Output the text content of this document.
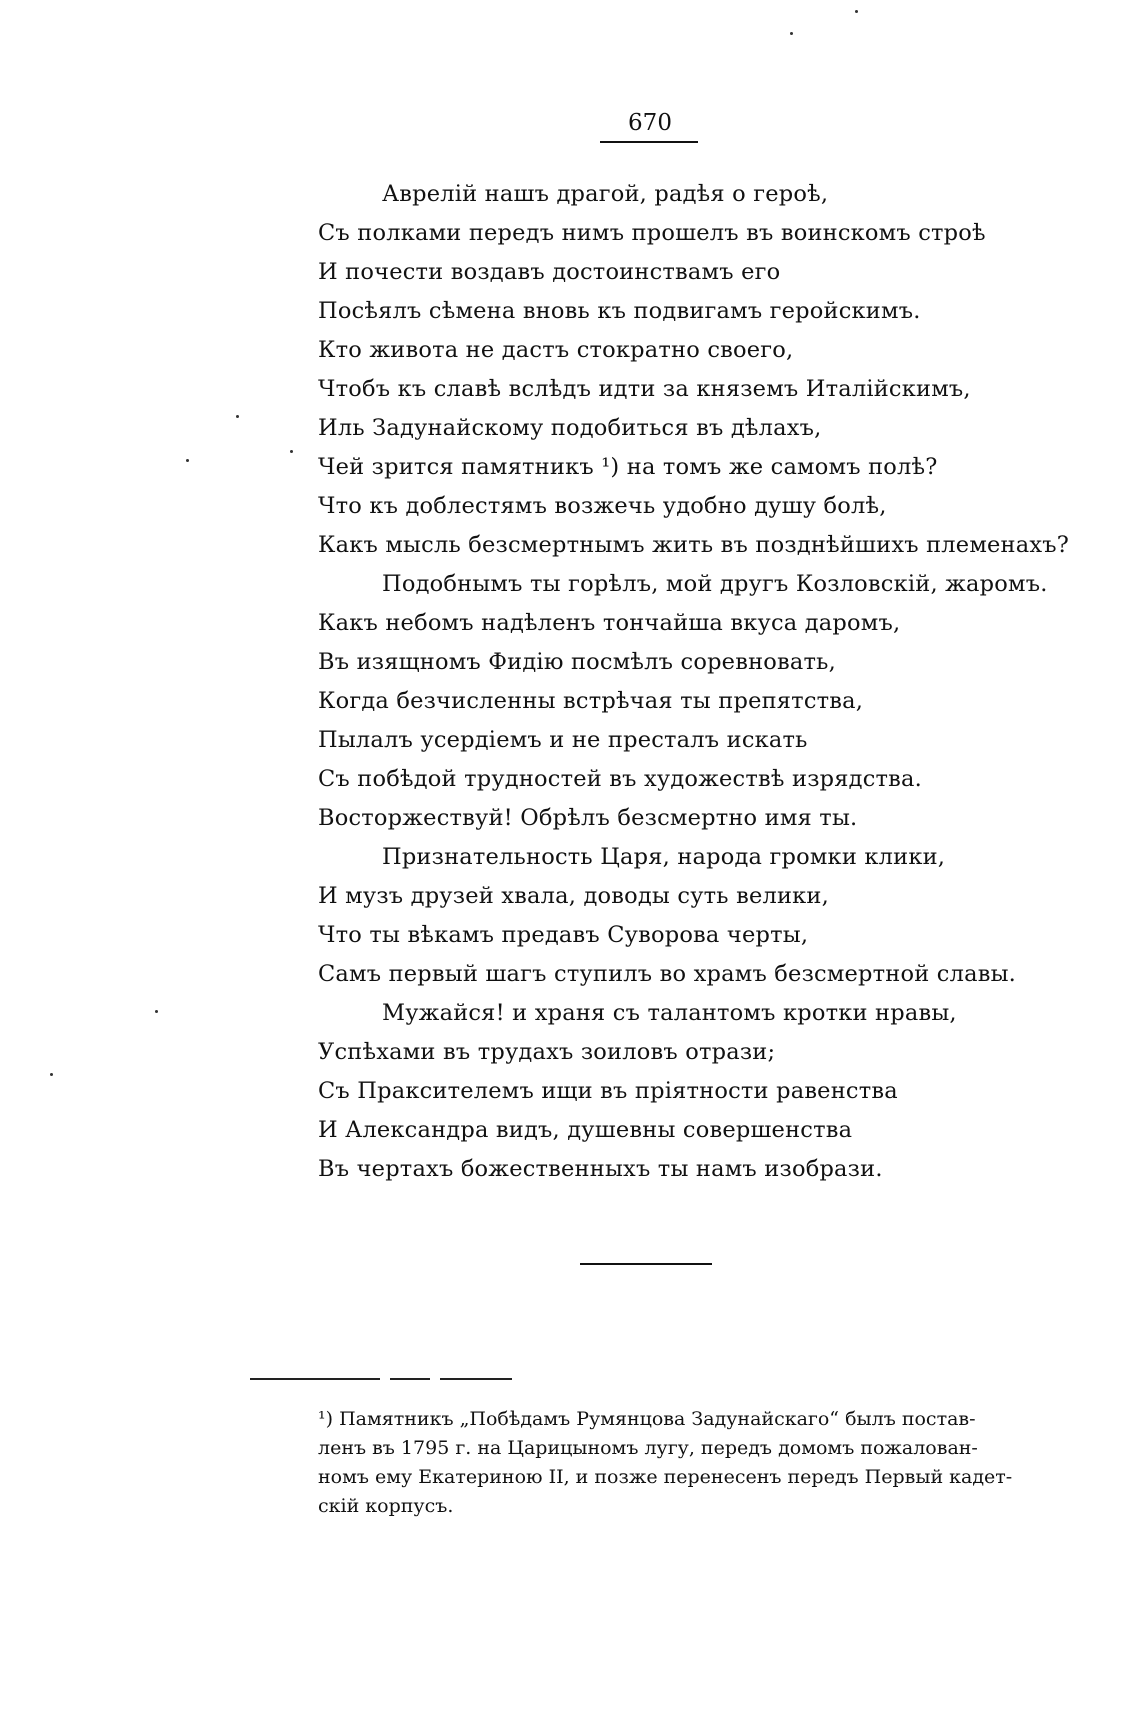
670
Аврелій нашъ драгой, радѣя о героѣ,
Съ полками передъ нимъ прошелъ въ воинскомъ строѣ
И почести воздавъ достоинствамъ его
Посѣялъ сѣмена вновь къ подвигамъ геройскимъ.
Кто живота не дастъ стократно своего,
Чтобъ къ славѣ вслѣдъ идти за княземъ Италійскимъ,
Иль Задунайскому подобиться въ дѣлахъ,
Чей зрится памятникъ ¹) на томъ же самомъ полѣ?
Что къ доблестямъ возжечь удобно душу болѣ,
Какъ мысль безсмертнымъ жить въ позднѣйшихъ племенахъ?
Подобнымъ ты горѣлъ, мой другъ Козловскій, жаромъ.
Какъ небомъ надѣленъ тончайша вкуса даромъ,
Въ изящномъ Фидію посмѣлъ соревновать,
Когда безчисленны встрѣчая ты препятства,
Пылалъ усердіемъ и не престалъ искать
Съ побѣдой трудностей въ художествѣ изрядства.
Восторжествуй! Обрѣлъ безсмертно имя ты.
Признательность Царя, народа громки клики,
И музъ друзей хвала, доводы суть велики,
Что ты вѣкамъ предавъ Суворова черты,
Самъ первый шагъ ступилъ во храмъ безсмертной славы.
Мужайся! и храня съ талантомъ кротки нравы,
Успѣхами въ трудахъ зоиловъ отрази;
Съ Праксителемъ ищи въ пріятности равенства
И Александра видъ, душевны совершенства
Въ чертахъ божественныхъ ты намъ изобрази.
¹) Памятникъ „Побѣдамъ Румянцова Задунайскаго“ былъ постав-
ленъ въ 1795 г. на Царицыномъ лугу, передъ домомъ пожалован-
номъ ему Екатериною II, и позже перенесенъ передъ Первый кадет-
скій корпусъ.
